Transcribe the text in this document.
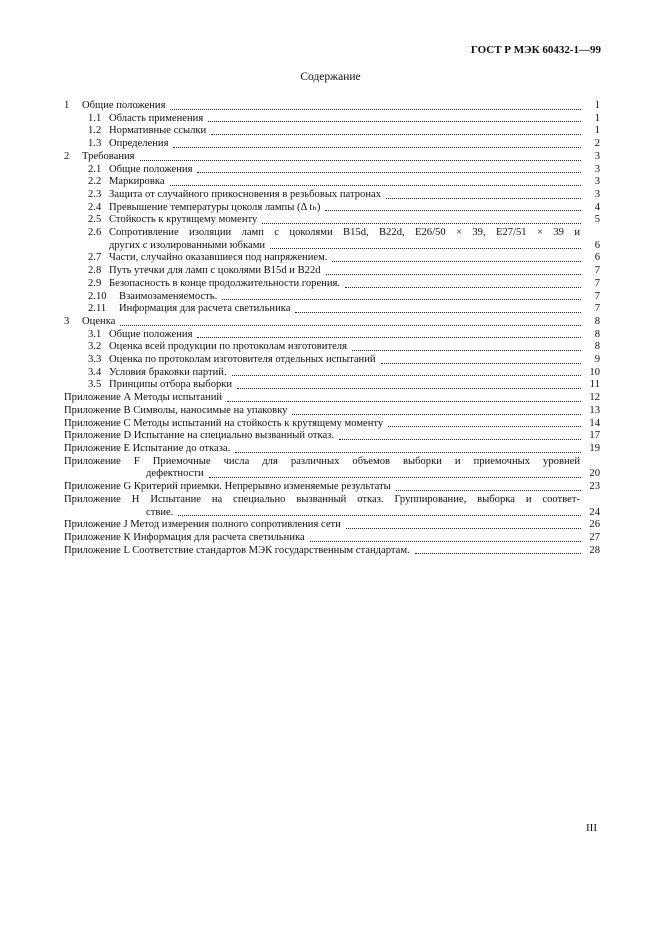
ГОСТ Р МЭК 60432-1—99
Содержание
1	Общие положения	1
1.1 Область применения	1
1.2 Нормативные ссылки	1
1.3 Определения	2
2	Требования	3
2.1 Общие положения	3
2.2 Маркировка	3
2.3 Защита от случайного прикосновения в резьбовых патронах	3
2.4 Превышение температуры цоколя лампы (Δ tₕ)	4
2.5 Стойкость к крутящему моменту	5
2.6 Сопротивление изоляции ламп с цоколями B15d, B22d, E26/50 × 39, E27/51 × 39 и
других с изолированными юбками	6
2.7 Части, случайно оказавшиеся под напряжением.	6
2.8 Путь утечки для ламп с цоколями B15d и B22d	7
2.9 Безопасность в конце продолжительности горения.	7
2.10	Взаимозаменяемость.	7
2.11	Информация для расчета светильника	7
3	Оценка	8
3.1 Общие положения	8
3.2 Оценка всей продукции по протоколам изготовителя	8
3.3 Оценка по протоколам изготовителя отдельных испытаний	9
3.4 Условия браковки партий.	10
3.5 Принципы отбора выборки	11
Приложение А Методы испытаний	12
Приложение В Символы, наносимые на упаковку	13
Приложение С Методы испытаний на стойкость к крутящему моменту	14
Приложение D Испытание на специально вызванный отказ.	17
Приложение Е Испытание до отказа.	19
Приложение F Приемочные числа для различных объемов выборки и приемочных уровней
дефектности	20
Приложение G Критерий приемки. Непрерывно изменяемые результаты	23
Приложение Н Испытание на специально вызванный отказ. Группирование, выборка и соответ-
ствие.	24
Приложение J Метод измерения полного сопротивления сети	26
Приложение К Информация для расчета светильника	27
Приложение L Соответствие стандартов МЭК государственным стандартам.	28
III
